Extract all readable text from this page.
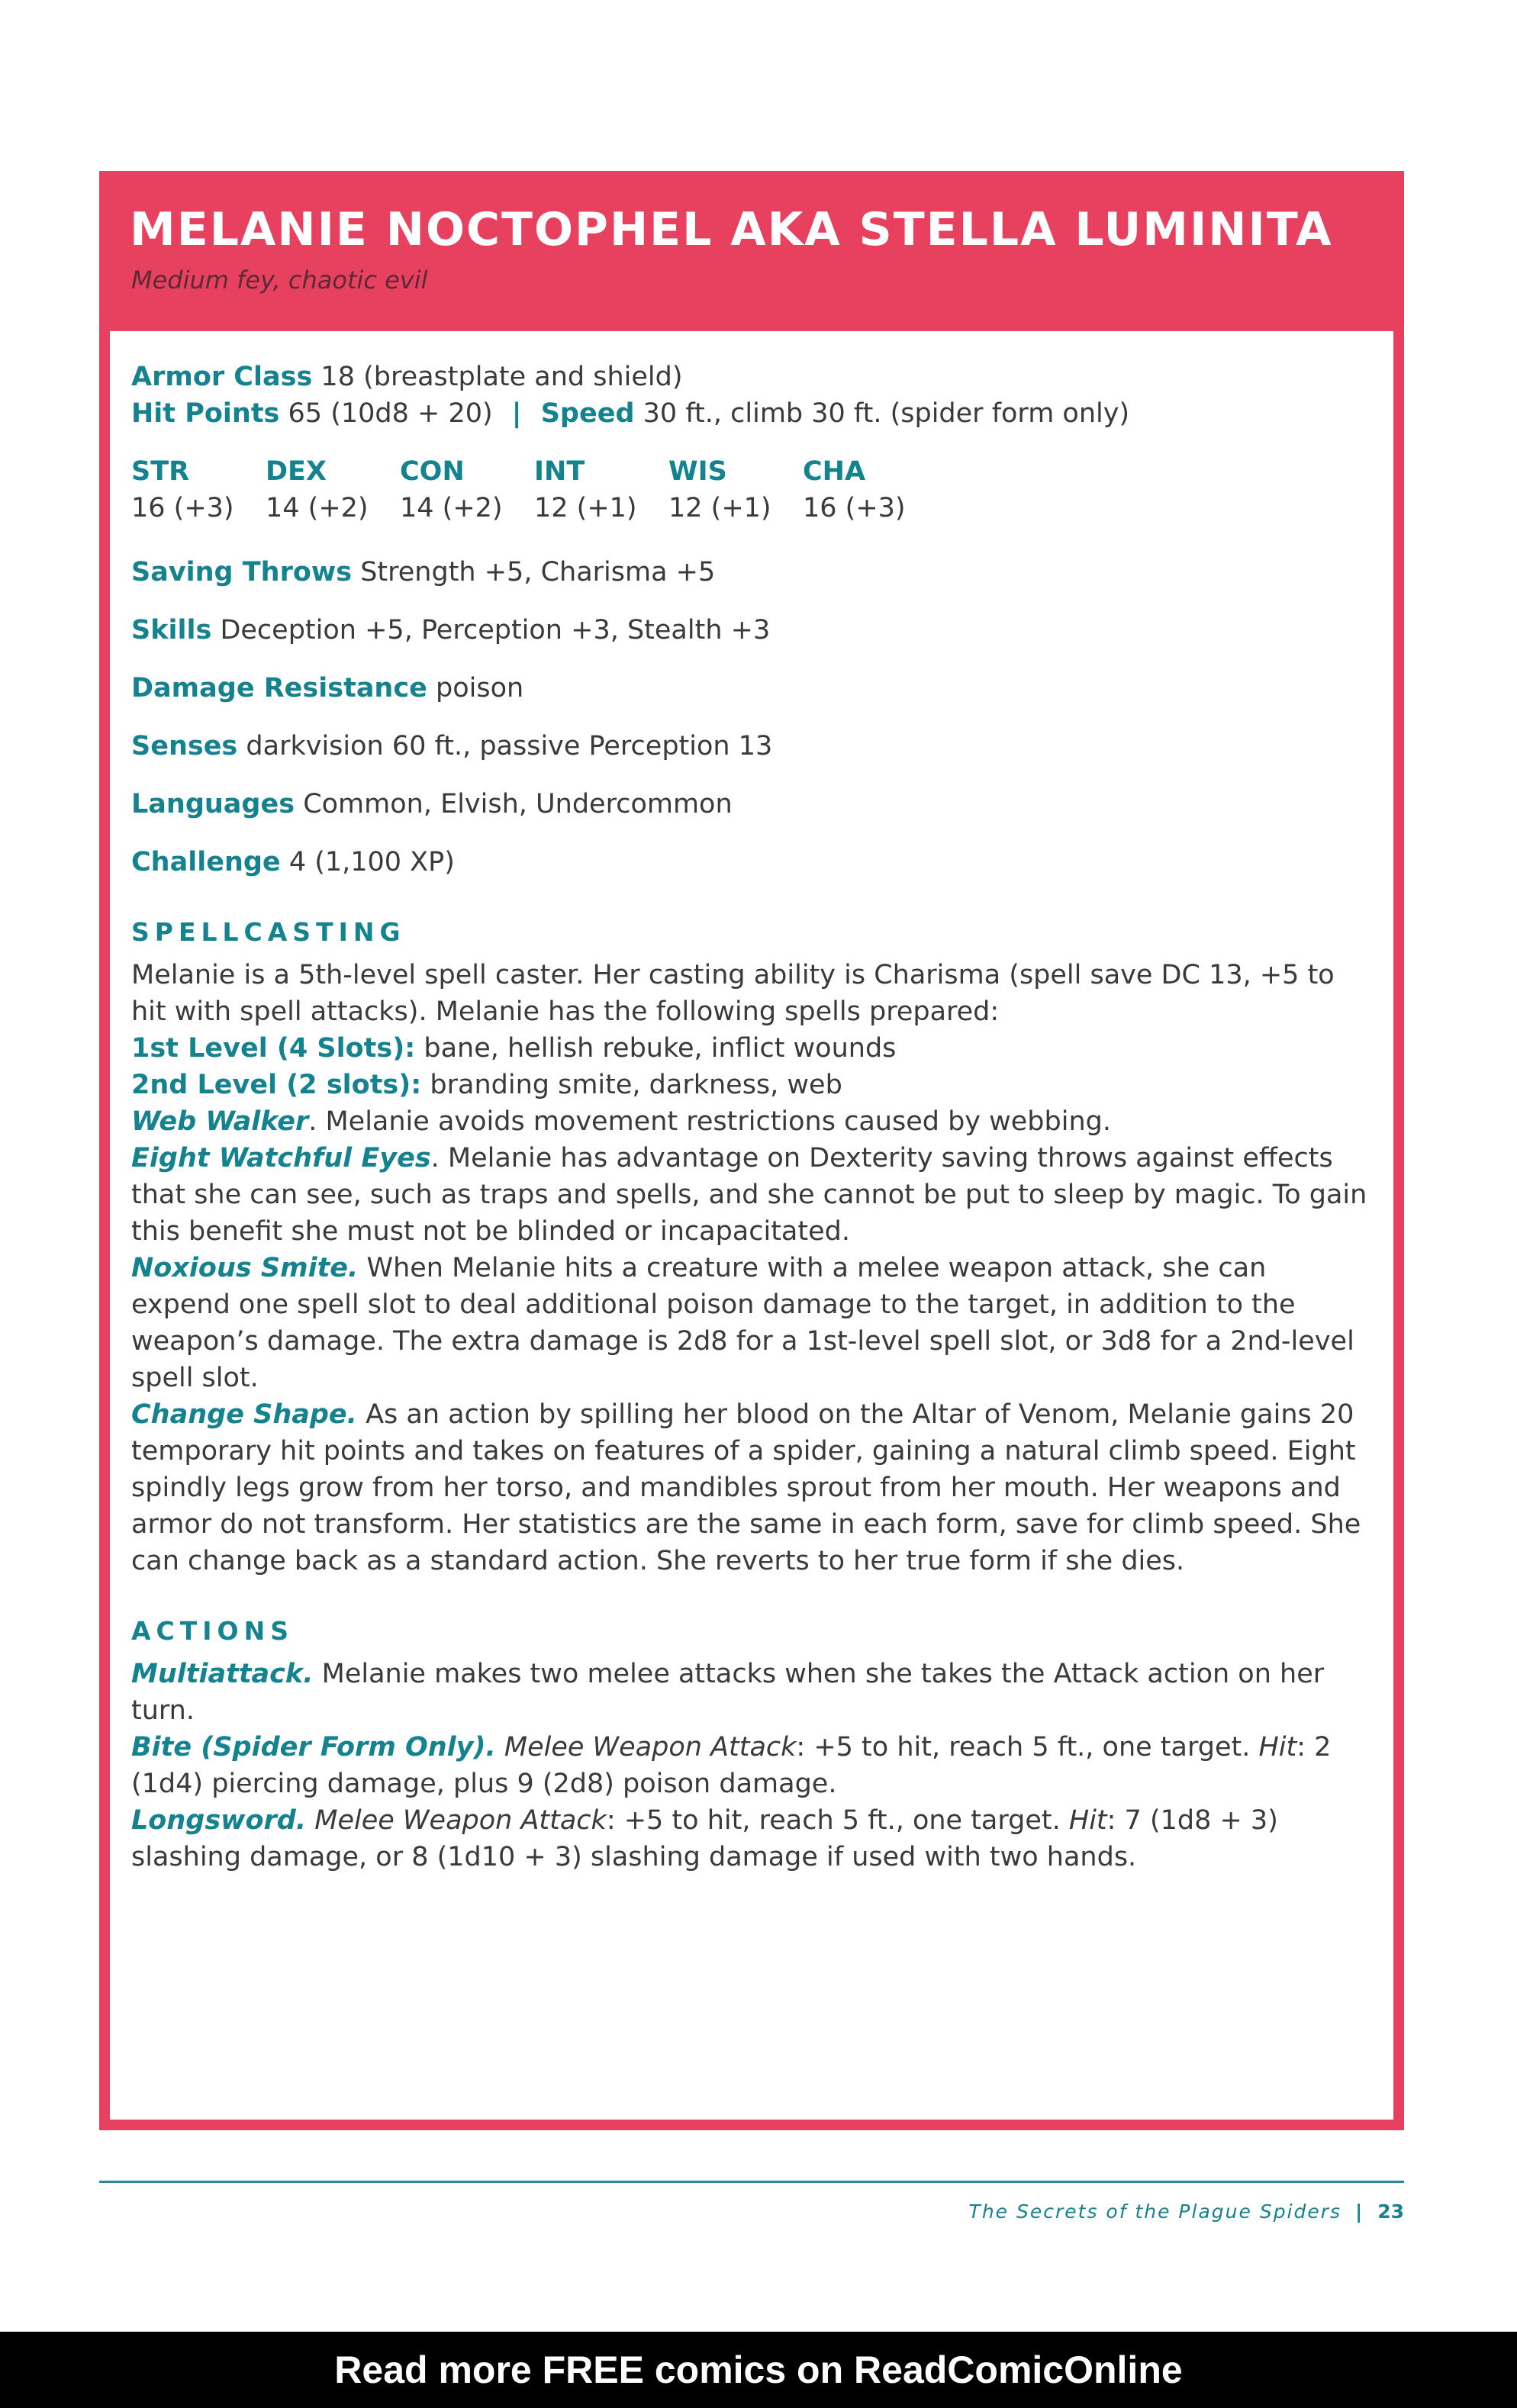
MELANIE NOCTOPHEL AKA STELLA LUMINITA
Medium fey, chaotic evil

Armor Class 18 (breastplate and shield)

Hit Points 65 (10d8 + 20) | Speed 30 ft., climb 30 ft. (spider form only)

STR
16 (+3)
DEX
14 (+2)
CON
14 (+2)
INT
12 (+1)
WIS
12 (+1)
CHA
16 (+3)

Saving Throws Strength +5, Charisma +5

Skills Deception +5, Perception +3, Stealth +3

Damage Resistance poison

Senses darkvision 60 ft., passive Perception 13

Languages Common, Elvish, Undercommon

Challenge 4 (1,100 XP)

SPELLCASTING

Melanie is a 5th-level spell caster. Her casting ability is Charisma (spell save DC 13, +5 to hit with spell attacks). Melanie has the following spells prepared:

1st Level (4 Slots): bane, hellish rebuke, inflict wounds

2nd Level (2 slots): branding smite, darkness, web

Web Walker. Melanie avoids movement restrictions caused by webbing.

Eight Watchful Eyes. Melanie has advantage on Dexterity saving throws against effects that she can see, such as traps and spells, and she cannot be put to sleep by magic. To gain this benefit she must not be blinded or incapacitated.

Noxious Smite. When Melanie hits a creature with a melee weapon attack, she can expend one spell slot to deal additional poison damage to the target, in addition to the weapon’s damage. The extra damage is 2d8 for a 1st-level spell slot, or 3d8 for a 2nd-level spell slot.

Change Shape. As an action by spilling her blood on the Altar of Venom, Melanie gains 20 temporary hit points and takes on features of a spider, gaining a natural climb speed. Eight spindly legs grow from her torso, and mandibles sprout from her mouth. Her weapons and armor do not transform. Her statistics are the same in each form, save for climb speed. She can change back as a standard action. She reverts to her true form if she dies.

ACTIONS

Multiattack. Melanie makes two melee attacks when she takes the Attack action on her turn.

Bite (Spider Form Only). Melee Weapon Attack: +5 to hit, reach 5 ft., one target. Hit: 2 (1d4) piercing damage, plus 9 (2d8) poison damage.

Longsword. Melee Weapon Attack: +5 to hit, reach 5 ft., one target. Hit: 7 (1d8 + 3) slashing damage, or 8 (1d10 + 3) slashing damage if used with two hands.

The Secrets of the Plague Spiders | 23
Read more FREE comics on ReadComicOnline
